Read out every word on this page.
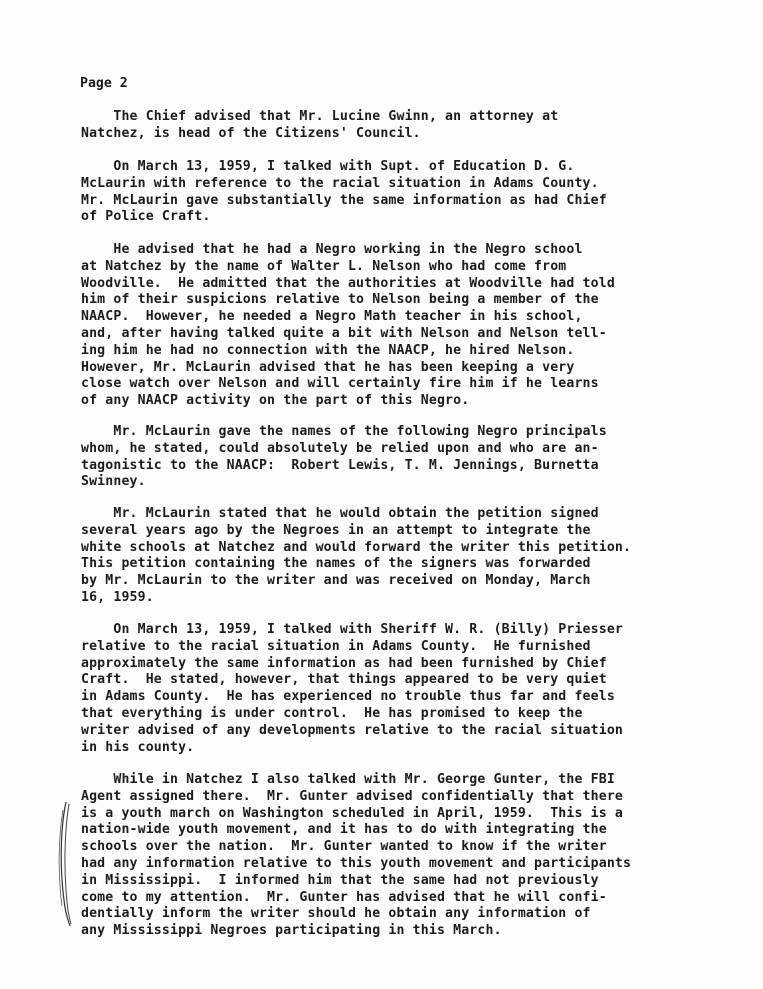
Page 2
The Chief advised that Mr. Lucine Gwinn, an attorney at
Natchez, is head of the Citizens' Council.
On March 13, 1959, I talked with Supt. of Education D. G.
McLaurin with reference to the racial situation in Adams County.
Mr. McLaurin gave substantially the same information as had Chief
of Police Craft.
He advised that he had a Negro working in the Negro school
at Natchez by the name of Walter L. Nelson who had come from
Woodville.  He admitted that the authorities at Woodville had told
him of their suspicions relative to Nelson being a member of the
NAACP.  However, he needed a Negro Math teacher in his school,
and, after having talked quite a bit with Nelson and Nelson tell-
ing him he had no connection with the NAACP, he hired Nelson.
However, Mr. McLaurin advised that he has been keeping a very
close watch over Nelson and will certainly fire him if he learns
of any NAACP activity on the part of this Negro.
Mr. McLaurin gave the names of the following Negro principals
whom, he stated, could absolutely be relied upon and who are an-
tagonistic to the NAACP:  Robert Lewis, T. M. Jennings, Burnetta
Swinney.
Mr. McLaurin stated that he would obtain the petition signed
several years ago by the Negroes in an attempt to integrate the
white schools at Natchez and would forward the writer this petition.
This petition containing the names of the signers was forwarded
by Mr. McLaurin to the writer and was received on Monday, March
16, 1959.
On March 13, 1959, I talked with Sheriff W. R. (Billy) Priesser
relative to the racial situation in Adams County.  He furnished
approximately the same information as had been furnished by Chief
Craft.  He stated, however, that things appeared to be very quiet
in Adams County.  He has experienced no trouble thus far and feels
that everything is under control.  He has promised to keep the
writer advised of any developments relative to the racial situation
in his county.
While in Natchez I also talked with Mr. George Gunter, the FBI
Agent assigned there.  Mr. Gunter advised confidentially that there
is a youth march on Washington scheduled in April, 1959.  This is a
nation-wide youth movement, and it has to do with integrating the
schools over the nation.  Mr. Gunter wanted to know if the writer
had any information relative to this youth movement and participants
in Mississippi.  I informed him that the same had not previously
come to my attention.  Mr. Gunter has advised that he will confi-
dentially inform the writer should he obtain any information of
any Mississippi Negroes participating in this March.
